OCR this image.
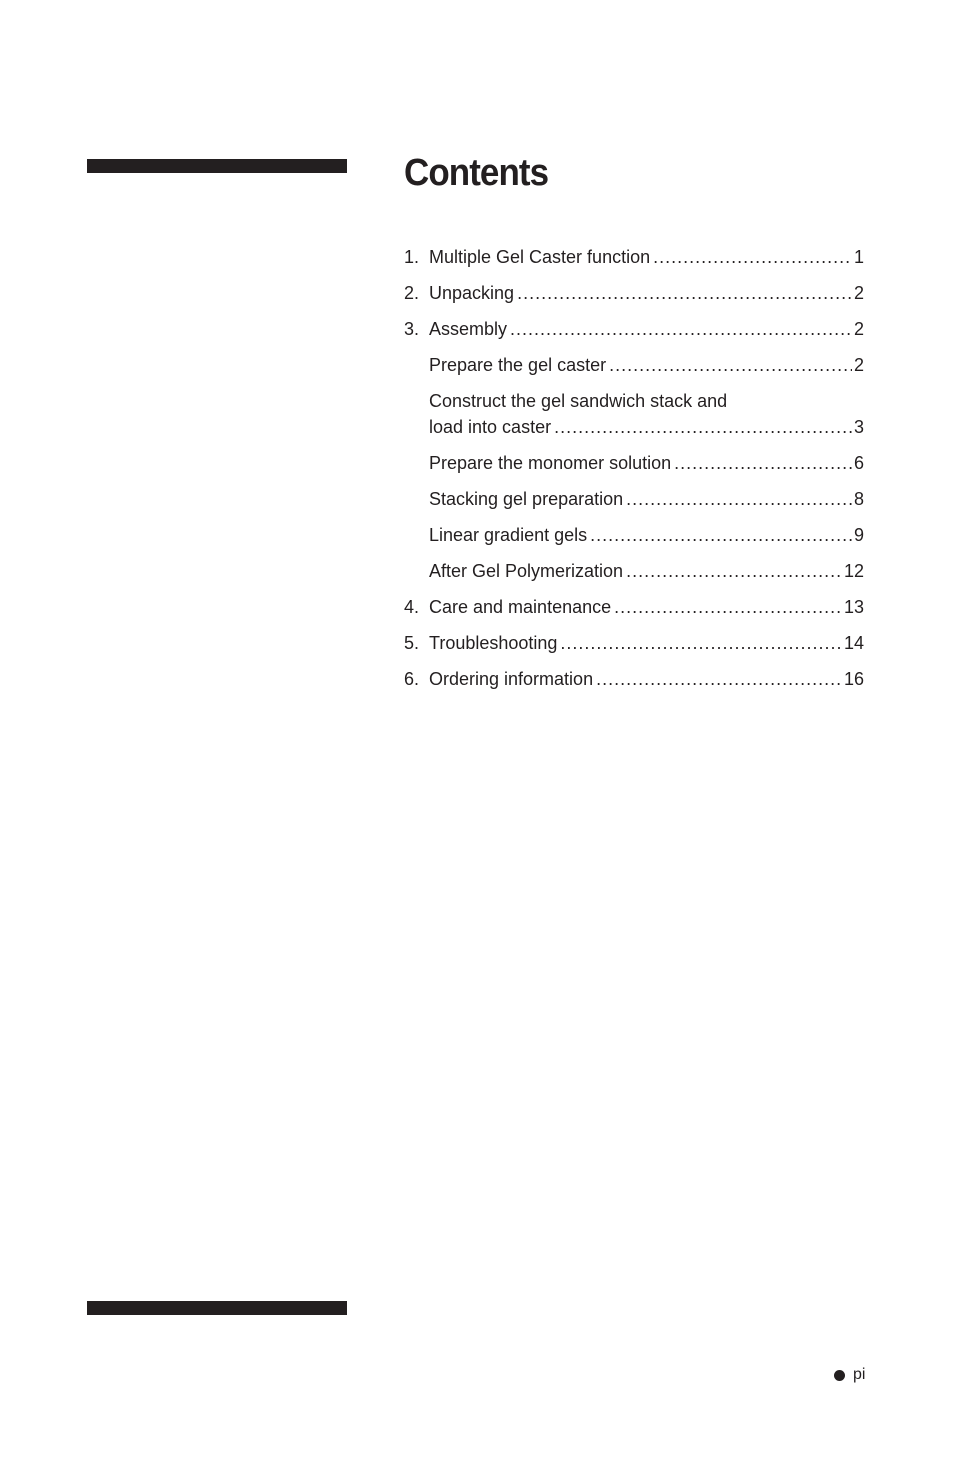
Contents
1. Multiple Gel Caster function .....	1
2. Unpacking .....	2
3. Assembly .....	2
Prepare the gel caster .....	2
Construct the gel sandwich stack and
load into caster .....	3
Prepare the monomer solution .....	6
Stacking gel preparation .....	8
Linear gradient gels .....	9
After Gel Polymerization .....	12
4. Care and maintenance .....	13
5. Troubleshooting .....	14
6. Ordering information .....	16
pi
